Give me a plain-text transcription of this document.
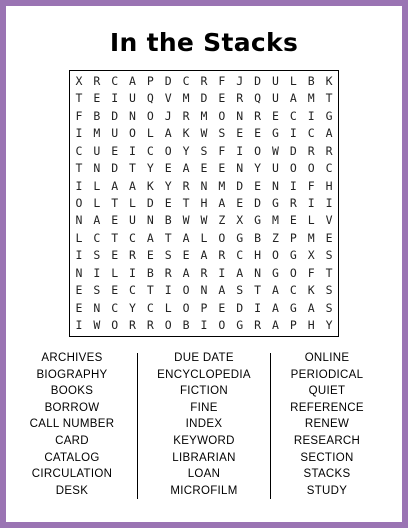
In the Stacks
X R C A P D C R F J D U L B K
T E I U Q V M D E R Q U A M T
F B D N O J R M O N R E C I G
I M U O L A K W S E E G I C A
C U E I C O Y S F I O W D R R
T N D T Y E A E E N Y U O O C
I L A A K Y R N M D E N I F H
O L T L D E T H A E D G R I I
N A E U N B W W Z X G M E L V
L C T C A T A L O G B Z P M E
I S E R E S E A R C H O G X S
N I L I B R A R I A N G O F T
E S E C T I O N A S T A C K S
E N C Y C L O P E D I A G A S
I W O R R O B I O G R A P H Y
ARCHIVES
BIOGRAPHY
BOOKS
BORROW
CALL NUMBER
CARD
CATALOG
CIRCULATION
DESK
DUE DATE
ENCYCLOPEDIA
FICTION
FINE
INDEX
KEYWORD
LIBRARIAN
LOAN
MICROFILM
ONLINE
PERIODICAL
QUIET
REFERENCE
RENEW
RESEARCH
SECTION
STACKS
STUDY
